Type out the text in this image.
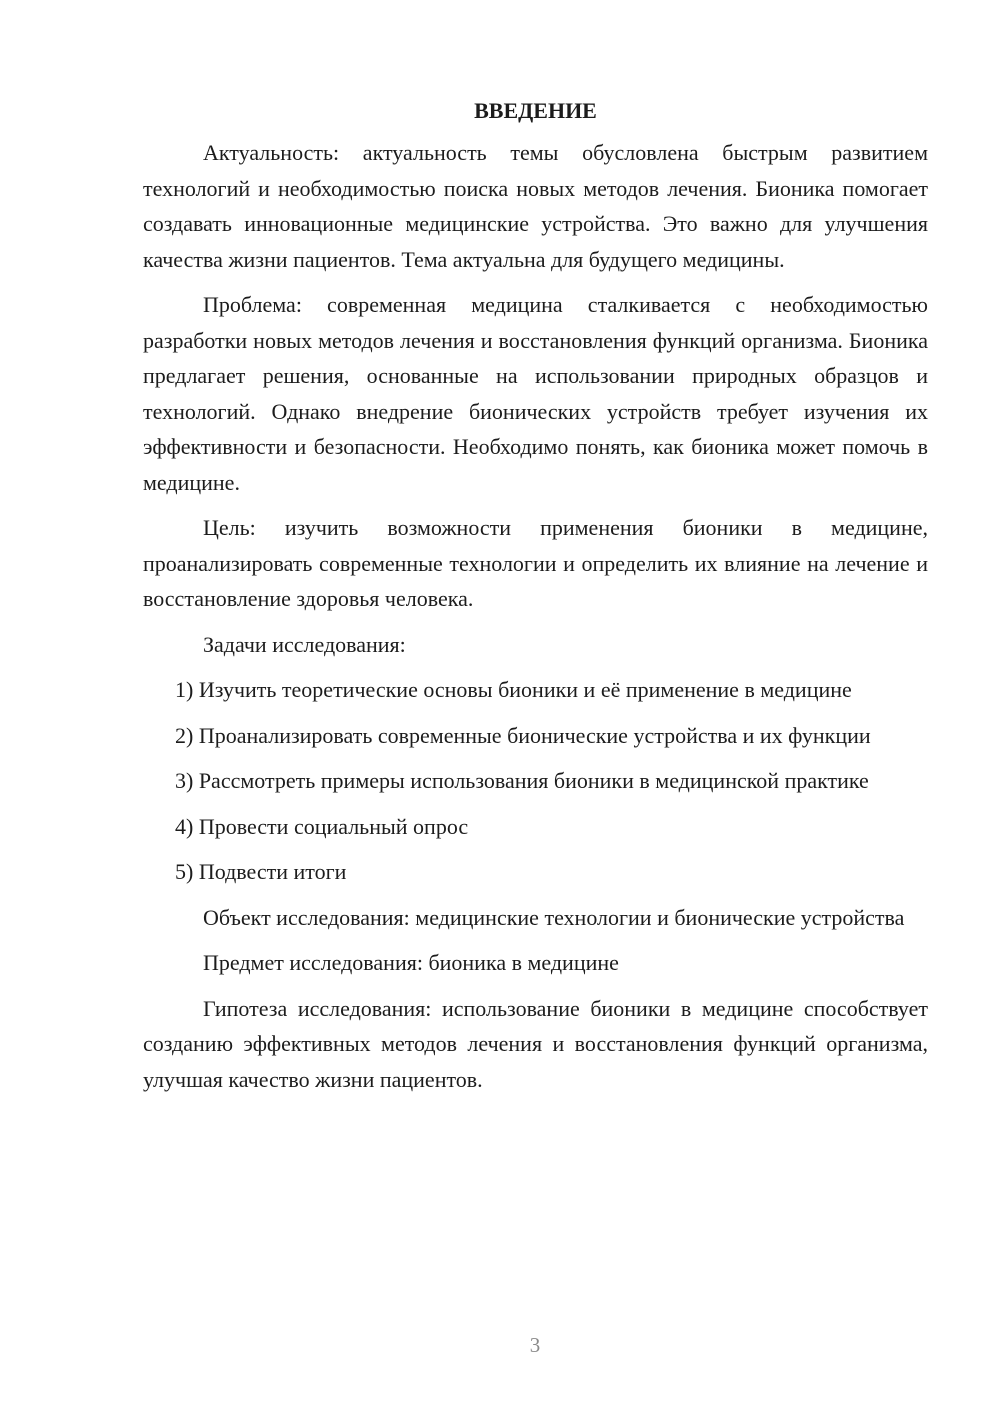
ВВЕДЕНИЕ

Актуальность: актуальность темы обусловлена быстрым развитием технологий и необходимостью поиска новых методов лечения. Бионика помогает создавать инновационные медицинские устройства. Это важно для улучшения качества жизни пациентов. Тема актуальна для будущего медицины.

Проблема: современная медицина сталкивается с необходимостью разработки новых методов лечения и восстановления функций организма. Бионика предлагает решения, основанные на использовании природных образцов и технологий. Однако внедрение бионических устройств требует изучения их эффективности и безопасности. Необходимо понять, как бионика может помочь в медицине.

Цель: изучить возможности применения бионики в медицине, проанализировать современные технологии и определить их влияние на лечение и восстановление здоровья человека.

Задачи исследования:

1) Изучить теоретические основы бионики и её применение в медицине

2) Проанализировать современные бионические устройства и их функции

3) Рассмотреть примеры использования бионики в медицинской практике

4) Провести социальный опрос

5) Подвести итоги

Объект исследования: медицинские технологии и бионические устройства

Предмет исследования: бионика в медицине

Гипотеза исследования: использование бионики в медицине способствует созданию эффективных методов лечения и восстановления функций организма, улучшая качество жизни пациентов.

3
